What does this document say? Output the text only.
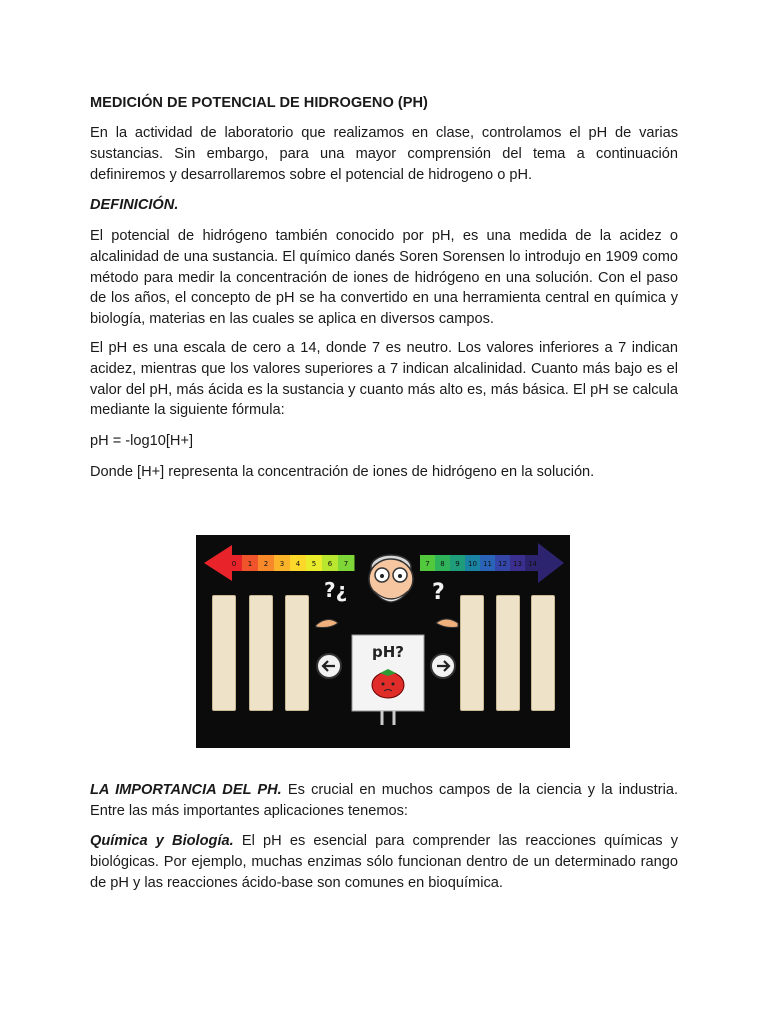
MEDICIÓN DE POTENCIAL DE HIDROGENO (PH)

En la actividad de laboratorio que realizamos en clase, controlamos el pH de varias sustancias. Sin embargo, para una mayor comprensión del tema a continuación definiremos y desarrollaremos sobre el potencial de hidrogeno o pH.

DEFINICIÓN.

El potencial de hidrógeno también conocido por pH, es una medida de la acidez o alcalinidad de una sustancia. El químico danés Soren Sorensen lo introdujo en 1909 como método para medir la concentración de iones de hidrógeno en una solución. Con el paso de los años, el concepto de pH se ha convertido en una herramienta central en química y biología, materias en las cuales se aplica en diversos campos.

El pH es una escala de cero a 14, donde 7 es neutro. Los valores inferiores a 7 indican acidez, mientras que los valores superiores a 7 indican alcalinidad. Cuanto más bajo es el valor del pH, más ácida es la sustancia y cuanto más alto es, más básica. El pH se calcula mediante la siguiente fórmula:

pH = -log10[H+]

Donde [H+] representa la concentración de iones de hidrógeno en la solución.

LA IMPORTANCIA DEL PH. Es crucial en muchos campos de la ciencia y la industria. Entre las más importantes aplicaciones tenemos:

Química y Biología. El pH es esencial para comprender las reacciones químicas y biológicas. Por ejemplo, muchas enzimas sólo funcionan dentro de un determinado rango de pH y las reacciones ácido-base son comunes en bioquímica.

0 1 2 3 4 5 6 7	7 8 9 10 11 12 13 14
?¿	?
pH?
